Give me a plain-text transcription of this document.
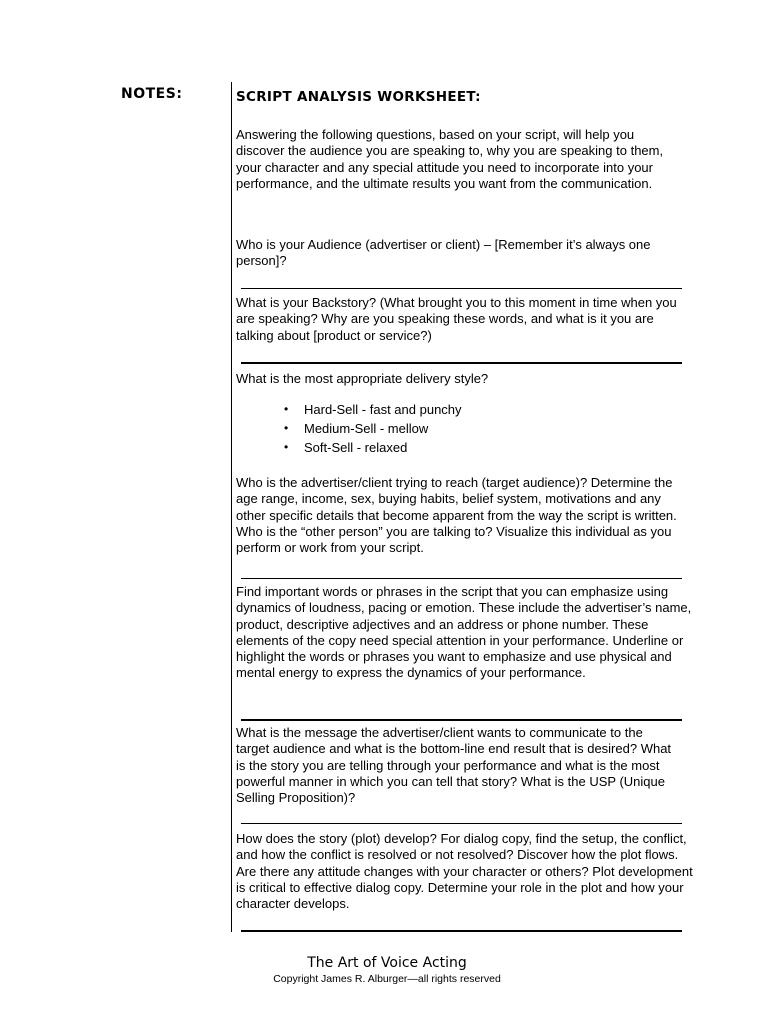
NOTES:	SCRIPT ANALYSIS WORKSHEET:
Answering the following questions, based on your script, will help you discover the audience you are speaking to, why you are speaking to them, your character and any special attitude you need to incorporate into your performance, and the ultimate results you want from the communication.
Who is your Audience (advertiser or client) – [Remember it’s always one person]?
What is your Backstory? (What brought you to this moment in time when you are speaking? Why are you speaking these words, and what is it you are talking about [product or service?)
What is the most appropriate delivery style?
• Hard-Sell - fast and punchy
• Medium-Sell - mellow
• Soft-Sell - relaxed
Who is the advertiser/client trying to reach (target audience)? Determine the age range, income, sex, buying habits, belief system, motivations and any other specific details that become apparent from the way the script is written. Who is the “other person” you are talking to? Visualize this individual as you perform or work from your script.
Find important words or phrases in the script that you can emphasize using dynamics of loudness, pacing or emotion. These include the advertiser’s name, product, descriptive adjectives and an address or phone number. These elements of the copy need special attention in your performance. Underline or highlight the words or phrases you want to emphasize and use physical and mental energy to express the dynamics of your performance.
What is the message the advertiser/client wants to communicate to the target audience and what is the bottom-line end result that is desired? What is the story you are telling through your performance and what is the most powerful manner in which you can tell that story? What is the USP (Unique Selling Proposition)?
How does the story (plot) develop? For dialog copy, find the setup, the conflict, and how the conflict is resolved or not resolved? Discover how the plot flows. Are there any attitude changes with your character or others? Plot development is critical to effective dialog copy. Determine your role in the plot and how your character develops.
The Art of Voice Acting
Copyright James R. Alburger—all rights reserved
